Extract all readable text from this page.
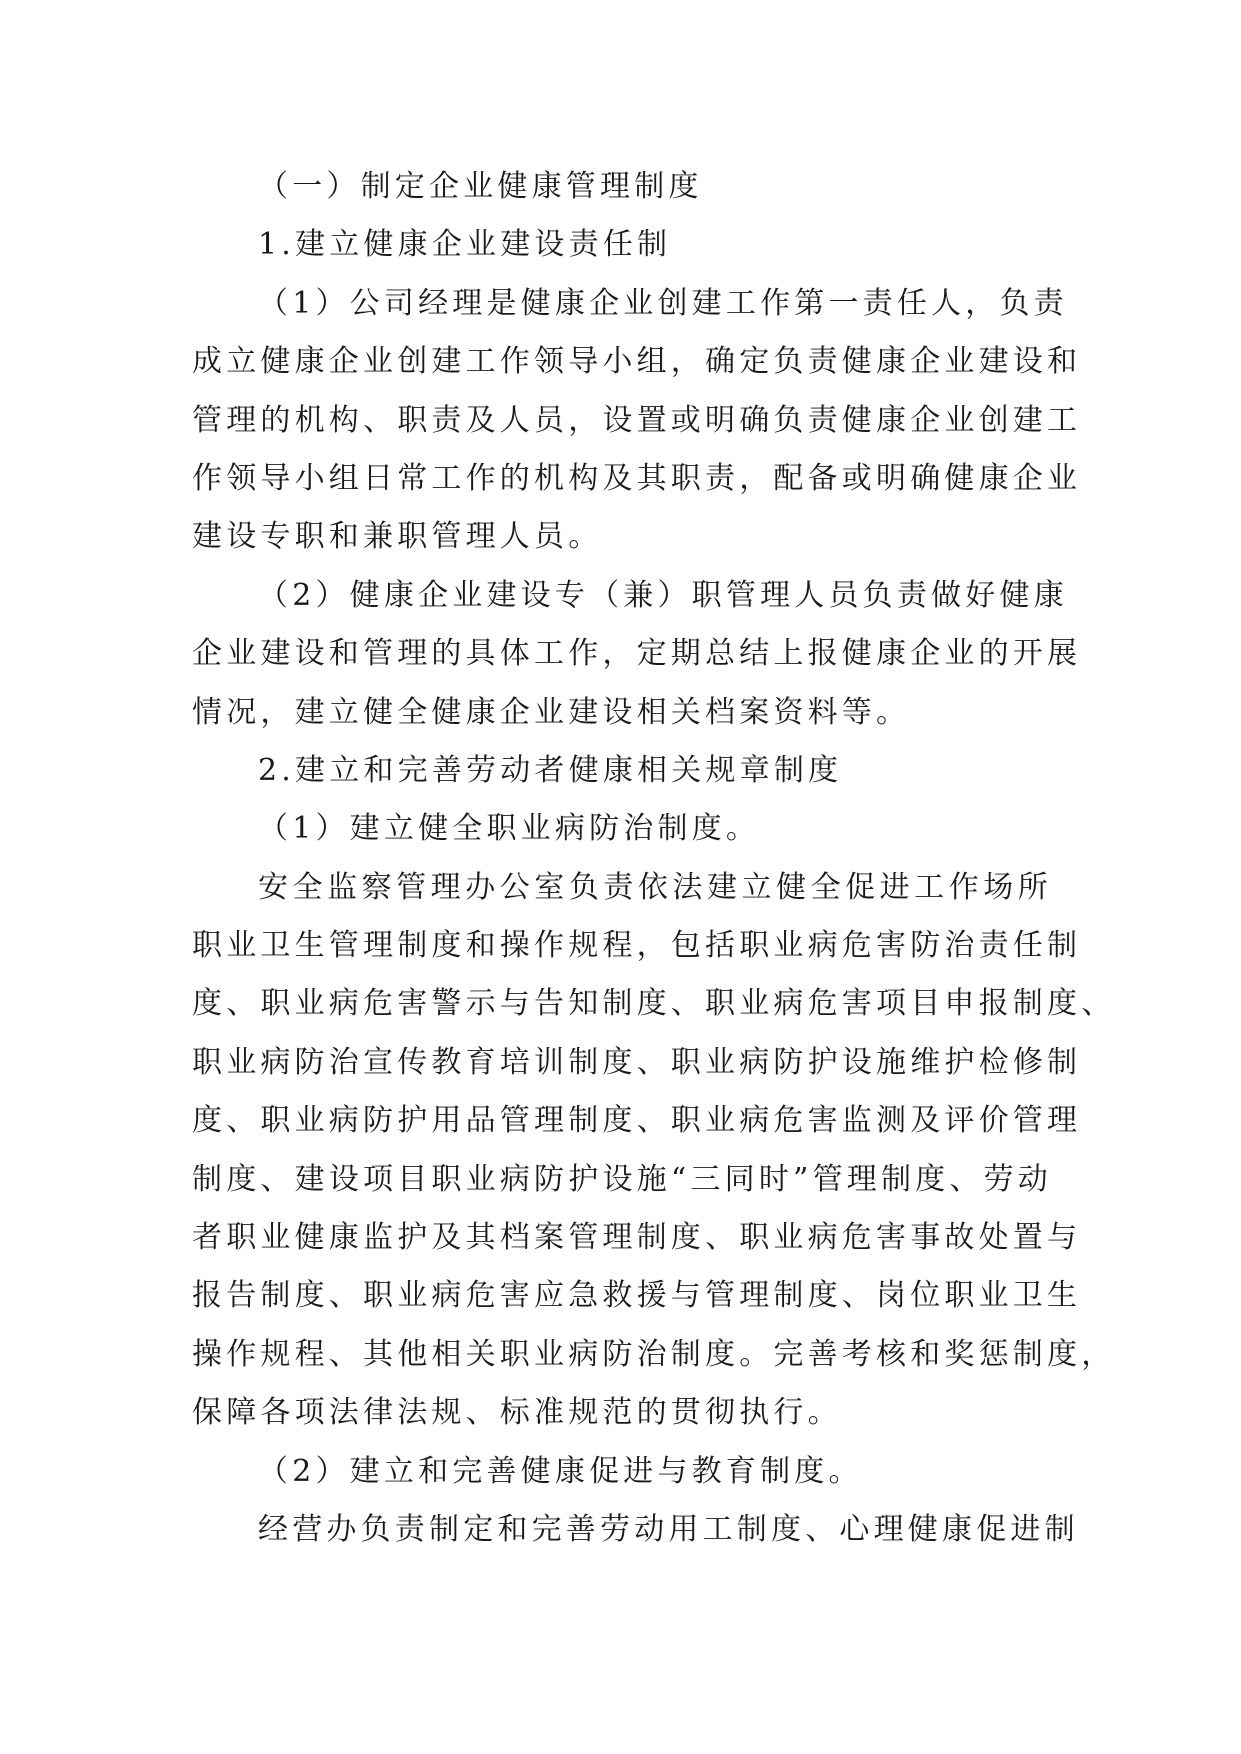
（一）制定企业健康管理制度
1.建立健康企业建设责任制
（1）公司经理是健康企业创建工作第一责任人，负责
成立健康企业创建工作领导小组，确定负责健康企业建设和
管理的机构、职责及人员，设置或明确负责健康企业创建工
作领导小组日常工作的机构及其职责，配备或明确健康企业
建设专职和兼职管理人员。
（2）健康企业建设专（兼）职管理人员负责做好健康
企业建设和管理的具体工作，定期总结上报健康企业的开展
情况，建立健全健康企业建设相关档案资料等。
2.建立和完善劳动者健康相关规章制度
（1）建立健全职业病防治制度。
安全监察管理办公室负责依法建立健全促进工作场所
职业卫生管理制度和操作规程，包括职业病危害防治责任制
度、职业病危害警示与告知制度、职业病危害项目申报制度、
职业病防治宣传教育培训制度、职业病防护设施维护检修制
度、职业病防护用品管理制度、职业病危害监测及评价管理
制度、建设项目职业病防护设施“三同时”管理制度、劳动
者职业健康监护及其档案管理制度、职业病危害事故处置与
报告制度、职业病危害应急救援与管理制度、岗位职业卫生
操作规程、其他相关职业病防治制度。完善考核和奖惩制度，
保障各项法律法规、标准规范的贯彻执行。
（2）建立和完善健康促进与教育制度。
经营办负责制定和完善劳动用工制度、心理健康促进制
